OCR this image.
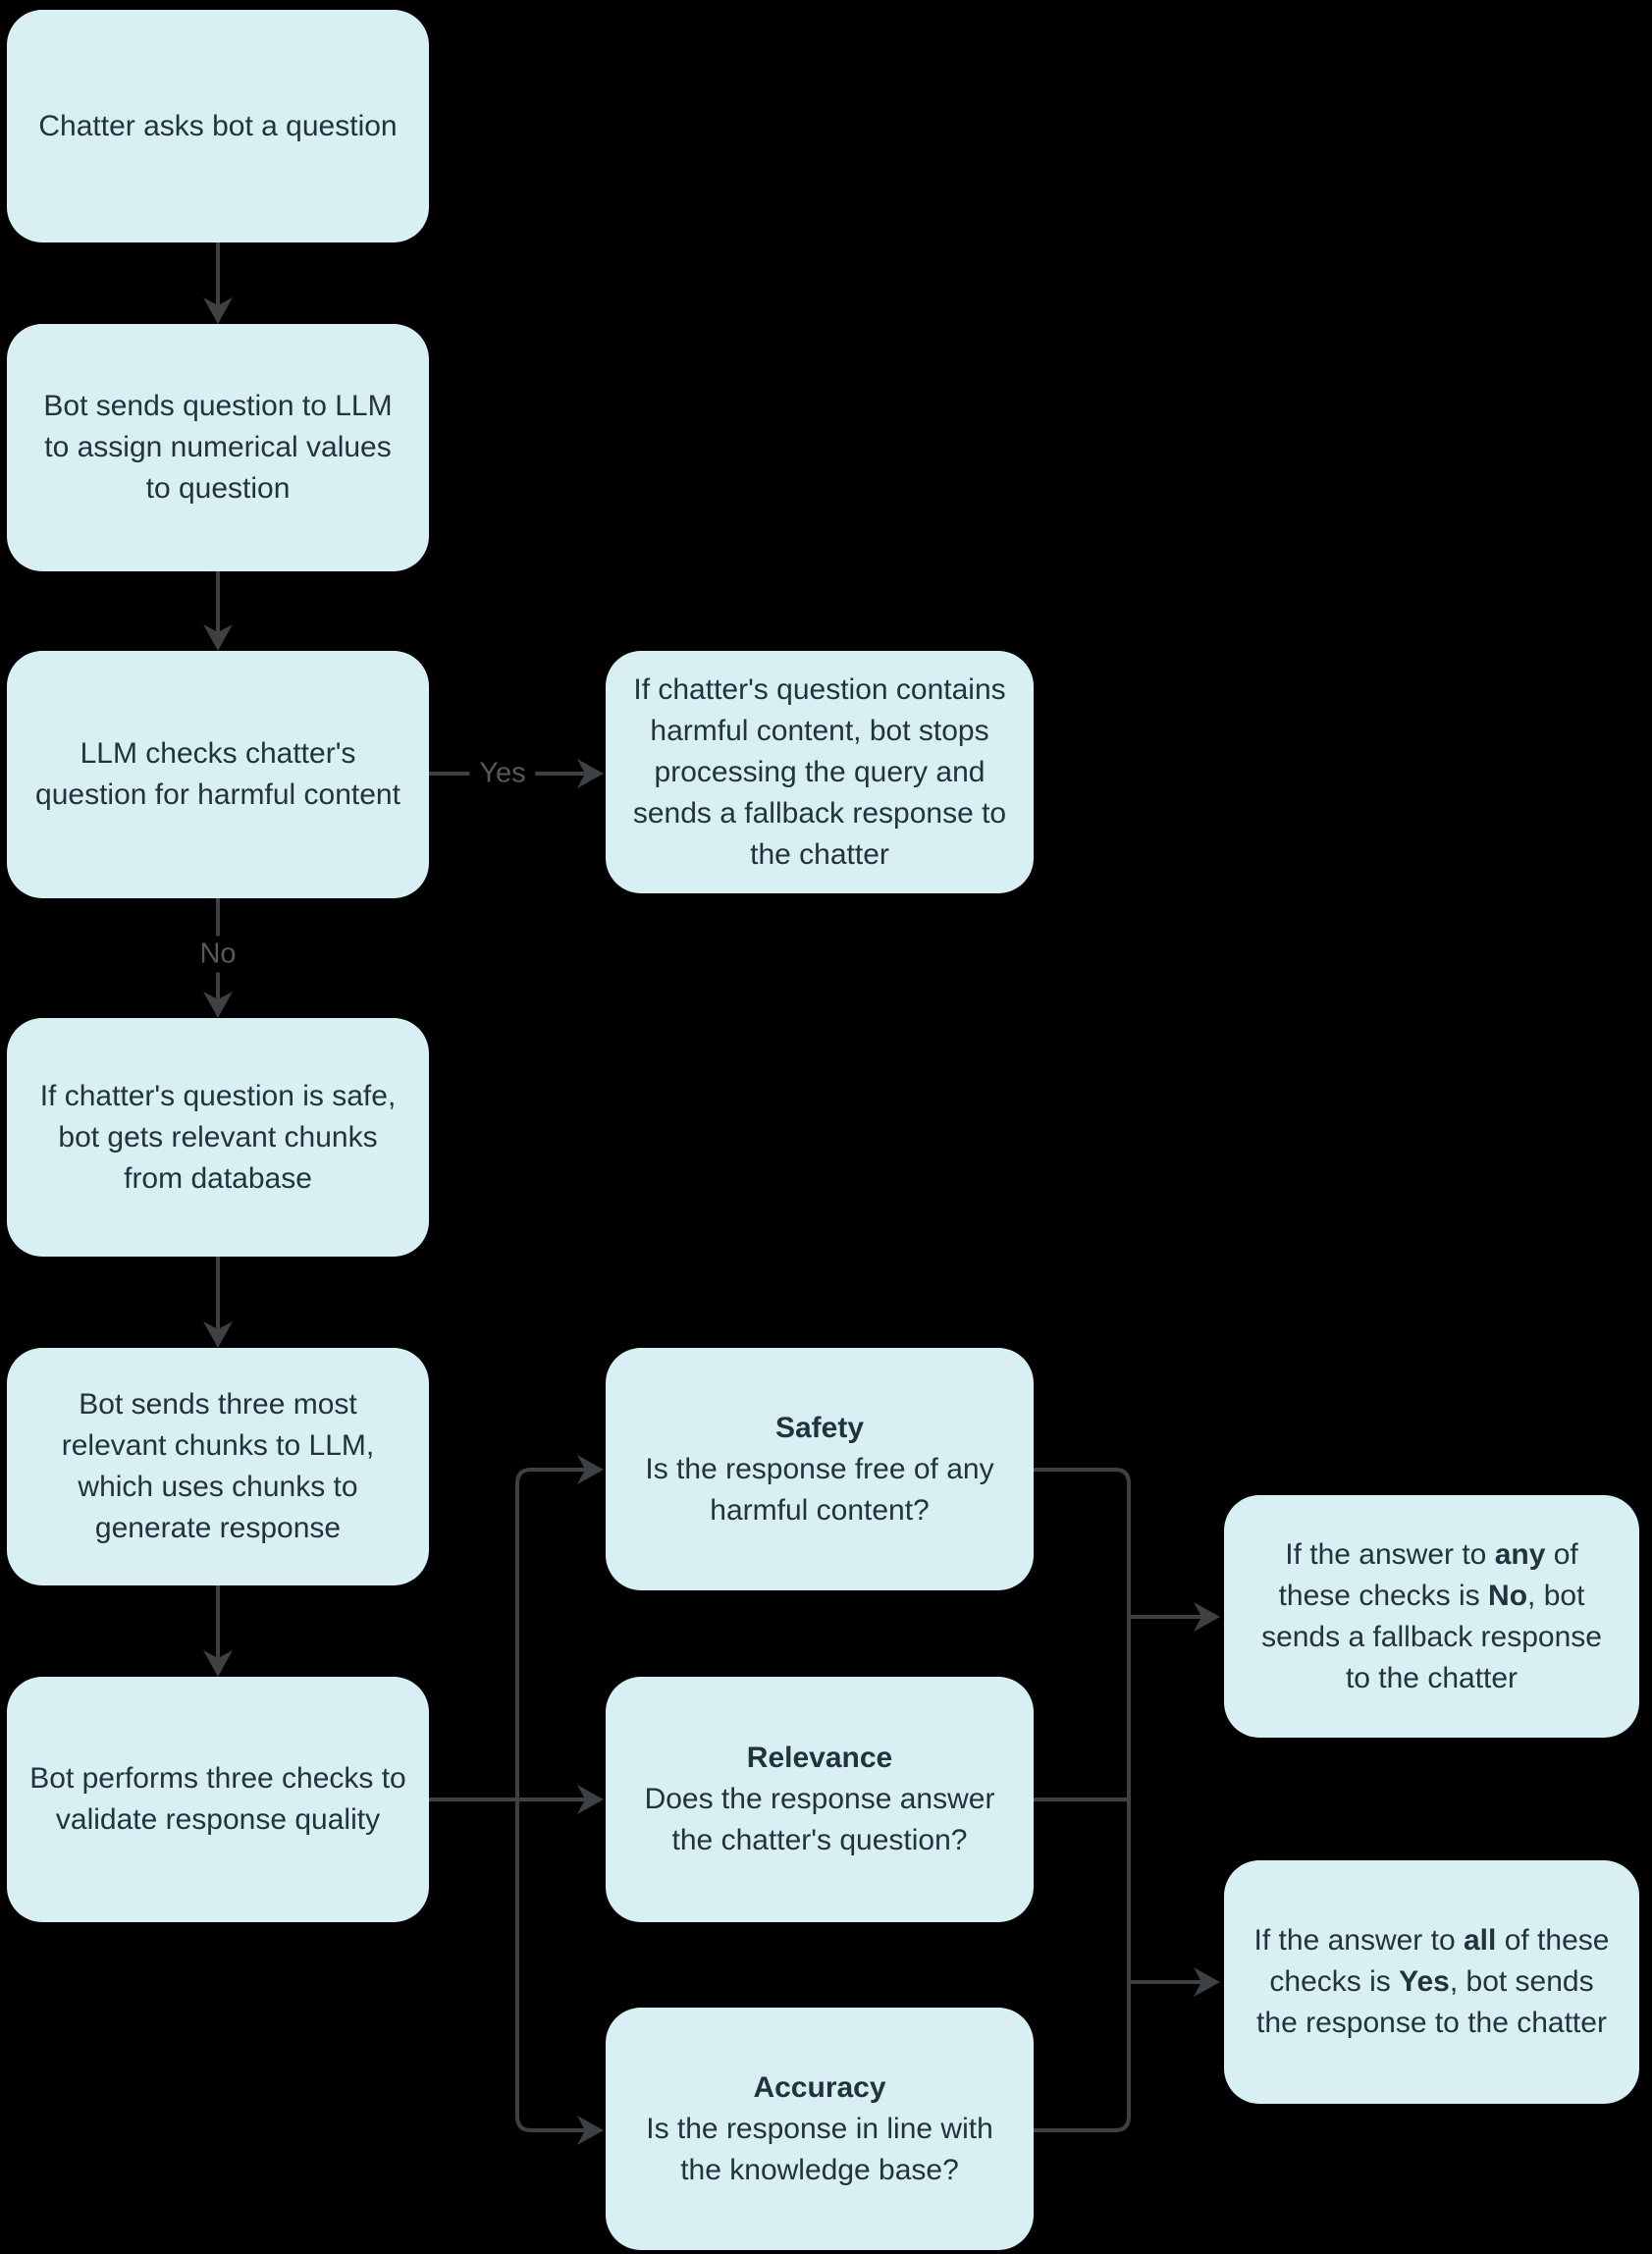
Yes
No
Chatter asks bot a question
Bot sends question to LLM to assign numerical values to question
LLM checks chatter's question for harmful content
If chatter's question is safe, bot gets relevant chunks from database
Bot sends three most relevant chunks to LLM, which uses chunks to generate response
Bot performs three checks to validate response quality
If chatter's question contains harmful content, bot stops processing the query and sends a fallback response to the chatter
Safety
Is the response free of any harmful content?
Relevance
Does the response answer the chatter's question?
Accuracy
Is the response in line with the knowledge base?
If the answer to any of these checks is No, bot sends a fallback response to the chatter
If the answer to all of these checks is Yes, bot sends the response to the chatter
